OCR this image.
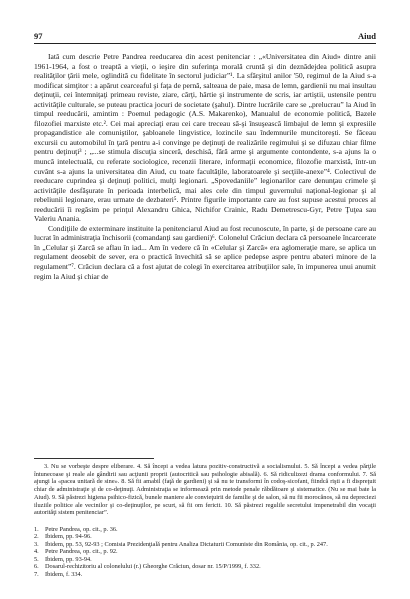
97	Aiud

Iată cum descrie Petre Pandrea reeducarea din acest penitenciar : „«Universitatea din Aiud» dintre anii 1961-1964, a fost o treaptă a vieţii, o ieşire din suferinţa morală cruntă şi din deznădejdea politică asupra realităţilor ţării mele, oglindită cu fidelitate în sectorul judiciar”¹. La sfârşitul anilor '50, regimul de la Aiud s-a modificat simţitor : a apărut cearceaful şi faţa de pernă, salteaua de paie, masa de lemn, gardienii nu mai insultau deţinuţii, cei întemniţaţi primeau reviste, ziare, cărţi, hârtie şi instrumente de scris, iar artiştii, ustensile pentru activităţile culturale, se puteau practica jocuri de societate (şahul). Dintre lucrările care se „prelucrau” la Aiud în timpul reeducării, amintim : Poemul pedagogic (A.S. Makarenko), Manualul de economie politică, Bazele filozofiei marxiste etc.². Cei mai apreciaţi erau cei care treceau să-şi însuşească limbajul de lemn şi expresiile propagandistice ale comuniştilor, şabloanele lingvistice, lozincile sau îndemnurile muncitoreşti. Se făceau excursii cu automobilul în ţară pentru a-i convinge pe deţinuţi de realizările regimului şi se difuzau chiar filme pentru deţinuţi³ ; „...se stimula discuţia sinceră, deschisă, fără arme şi argumente contondente, s-a ajuns la o muncă intelectuală, cu referate sociologice, recenzii literare, informaţii economice, filozofie marxistă, într-un cuvânt s-a ajuns la universitatea din Aiud, cu toate facultăţile, laboratoarele şi secţiile-anexe”⁴. Colectivul de reeducare cuprindea şi deţinuţi politici, mulţi legionari. „Spovedaniile” legionarilor care denunţau crimele şi activităţile desfăşurate în perioada interbelică, mai ales cele din timpul guvernului naţional-legionar şi al rebeliunii legionare, erau urmate de dezbateri⁵. Printre figurile importante care au fost supuse acestui proces al reeducării îi regăsim pe prinţul Alexandru Ghica, Nichifor Crainic, Radu Demetrescu-Gyr, Petre Ţuţea sau Valeriu Anania.

Condiţiile de exterminare instituite la penitenciarul Aiud au fost recunoscute, în parte, şi de persoane care au lucrat în administraţia închisorii (comandanţi sau gardieni)⁶. Colonelul Crăciun declara că persoanele încarcerate în „Celular şi Zarcă se aflau în iad... Am în vedere că în «Celular şi Zarcă» era aglomeraţie mare, se aplica un regulament deosebit de sever, era o practică învechită să se aplice pedepse aspre pentru abateri minore de la regulament”⁷. Crăciun declara că a fost ajutat de colegi în exercitarea atribuţiilor sale, în impunerea unui anumit regim la Aiud şi chiar de

3. Nu se vorbeşte despre eliberare. 4. Să începi a vedea latura pozitiv-constructivă a socialismului. 5. Să începi a vedea părţile întunecoase şi reale ale gândirii sau acţiunii proprii (autocritică sau psihologie abisală). 6. Să ridiculizezi drama conformului. 7. Să ajungi la «pacea unitară de sine». 8. Să fii amabil (faţă de gardieni) şi să nu te transformi în codoş-sicofant, fiindcă rişti a fi dispreţuit chiar de administraţie şi de co-deţinuţi. Administraţia se informează prin metode penale răbdătoare şi sistematice. (Nu se mai bate la Aiud). 9. Să păstrezi higiena psihico-fizică, bunele maniere ale convieţuirii de familie şi de salon, să nu fii morocănos, să nu depreciezi iluziile politice ale vecinilor şi co-deţinuţilor, pe scurt, să fii om fericit. 10. Să păstrezi regulile secretului impenetrabil din vocaţii autorităţi sistem penitenciar”.

1. Petre Pandrea, op. cit., p. 36.
2. Ibidem, pp. 94-96.
3. Ibidem, pp. 53, 92-93 ; Comisia Prezidenţială pentru Analiza Dictaturii Comuniste din România, op. cit., p. 247.
4. Petre Pandrea, op. cit., p. 92.
5. Ibidem, pp. 93-94.
6. Dosarul-rechizitoriu al colonelului (r.) Gheorghe Crăciun, dosar nr. 15/P/1999, f. 332.
7. Ibidem, f. 334.
